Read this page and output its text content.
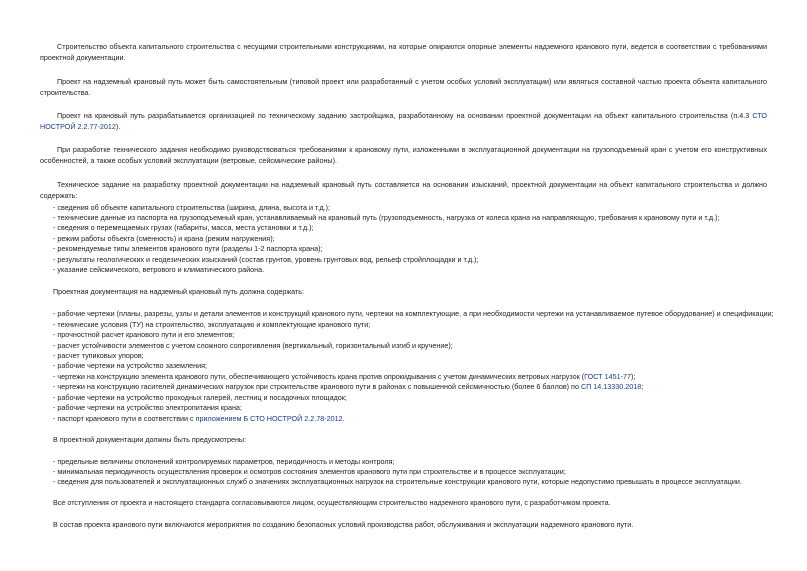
Строительство объекта капитального строительства с несущими строительными конструкциями, на которые опираются опорные элементы надземного кранового пути, ведется в соответствии с требованиями проектной документации.

Проект на надземный крановый путь может быть самостоятельным (типовой проект или разработанный с учетом особых условий эксплуатации) или являться составной частью проекта объекта капитального строительства.

Проект на крановый путь разрабатывается организацией по техническому заданию застройщика, разработанному на основании проектной документации на объект капитального строительства (п.4.3 СТО НОСТРОЙ 2.2.77-2012).

При разработке технического задания необходимо руководствоваться требованиями к крановому пути, изложенными в эксплуатационной документации на грузоподъемный кран с учетом его конструктивных особенностей, а также особых условий эксплуатации (ветровые, сейсмические районы).

Техническое задание на разработку проектной документации на надземный крановый путь составляется на основании изысканий, проектной документации на объект капитального строительства и должно содержать:

- сведения об объекте капитального строительства (ширина, длина, высота и т.д.);

- технические данные из паспорта на грузоподъемный кран, устанавливаемый на крановый путь (грузоподъемность, нагрузка от колеса крана на направляющую, требования к крановому пути и т.д.);

- сведения о перемещаемых грузах (габариты, масса, места установки и т.д.);

- режим работы объекта (сменность) и крана (режим нагружения);

- рекомендуемые типы элементов кранового пути (разделы 1-2 паспорта крана);

- результаты геологических и геодезических изысканий (состав грунтов, уровень грунтовых вод, рельеф стройплощадки и т.д.);

- указание сейсмического, ветрового и климатического района.

Проектная документация на надземный крановый путь должна содержать:

- рабочие чертежи (планы, разрезы, узлы и детали элементов и конструкций кранового пути, чертежи на комплектующие, а при необходимости чертежи на устанавливаемое путевое оборудование) и спецификации;

- технические условия (ТУ) на строительство, эксплуатацию и комплектующие кранового пути;

- прочностной расчет кранового пути и его элементов;

- расчет устойчивости элементов с учетом сложного сопротивления (вертикальный, горизонтальный изгиб и кручение);

- расчет тупиковых упоров;

- рабочие чертежи на устройство заземления;

- чертежи на конструкцию элемента кранового пути, обеспечивающего устойчивость крана против опрокидывания с учетом динамических ветровых нагрузок (ГОСТ 1451-77);

- чертежи на конструкцию гасителей динамических нагрузок при строительстве кранового пути в районах с повышенной сейсмичностью (более 6 баллов) по СП 14.13330.2018;

- рабочие чертежи на устройство проходных галерей, лестниц и посадочных площадок;

- рабочие чертежи на устройство электропитания крана;

- паспорт кранового пути в соответствии с приложением Б СТО НОСТРОЙ 2.2.78-2012.

В проектной документации должны быть предусмотрены:

- предельные величины отклонений контролируемых параметров, периодичность и методы контроля;

- минимальная периодичность осуществления проверок и осмотров состояния элементов кранового пути при строительстве и в процессе эксплуатации;

- сведения для пользователей и эксплуатационных служб о значениях эксплуатационных нагрузок на строительные конструкции кранового пути, которые недопустимо превышать в процессе эксплуатации.

Все отступления от проекта и настоящего стандарта согласовываются лицом, осуществляющим строительство надземного кранового пути, с разработчиком проекта.

В состав проекта кранового пути включаются мероприятия по созданию безопасных условий производства работ, обслуживания и эксплуатации надземного кранового пути.
